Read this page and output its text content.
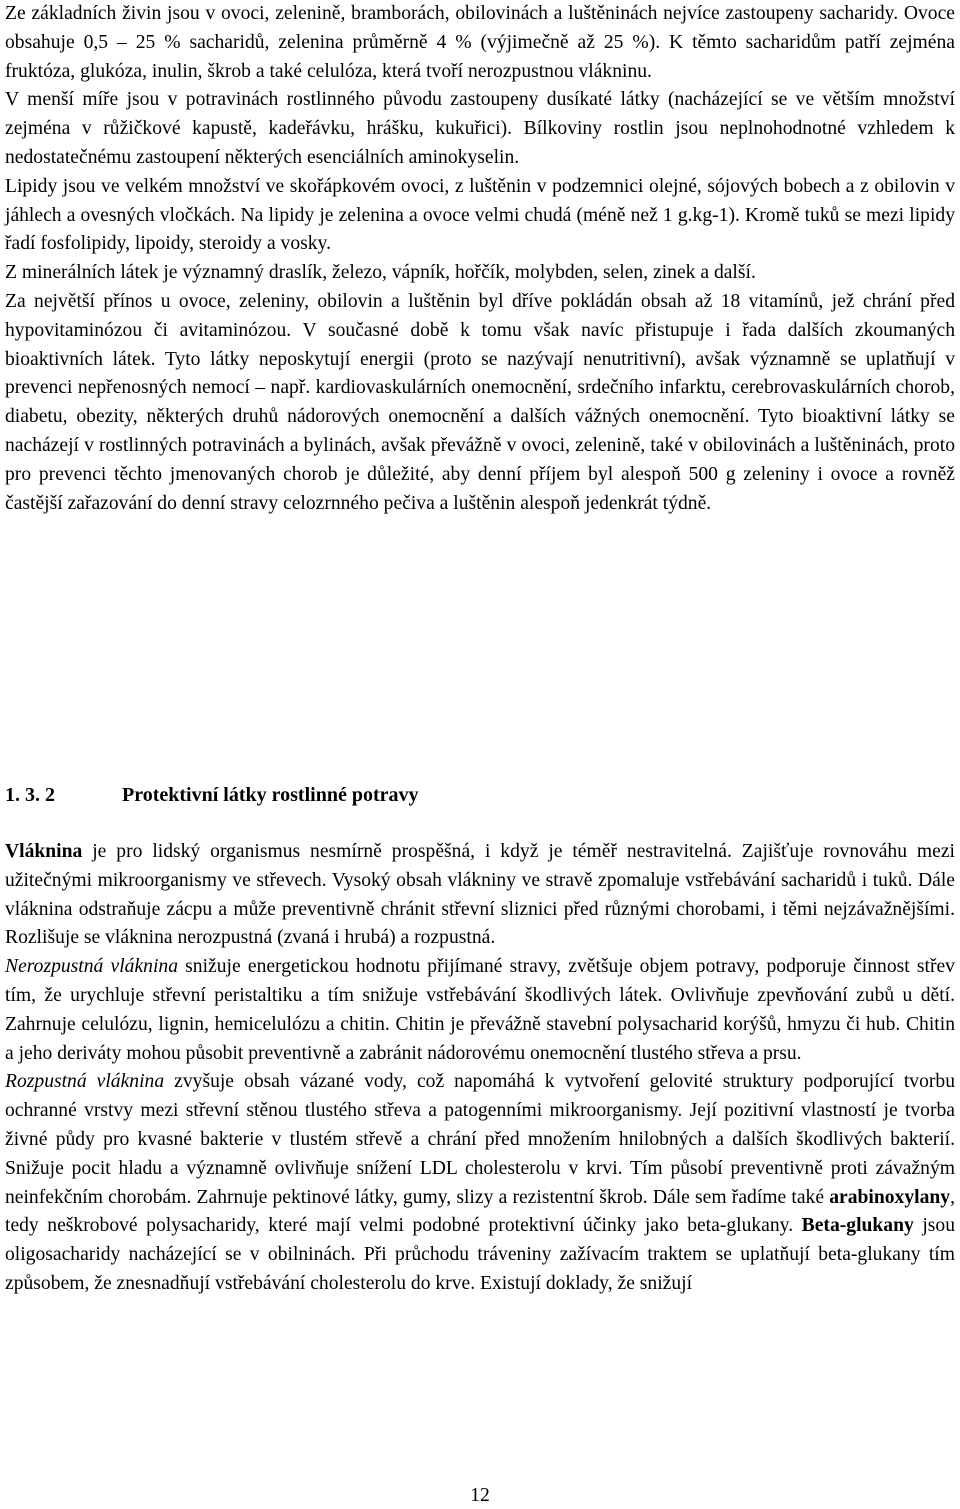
Ze základních živin jsou v ovoci, zelenině, bramborách, obilovinách a luštěninách nejvíce zastoupeny sacharidy. Ovoce obsahuje 0,5 – 25 % sacharidů, zelenina průměrně 4 % (výjimečně až 25 %). K těmto sacharidům patří zejména fruktóza, glukóza, inulin, škrob a také celulóza, která tvoří nerozpustnou vlákninu.

V menší míře jsou v potravinách rostlinného původu zastoupeny dusíkaté látky (nacházející se ve větším množství zejména v růžičkové kapustě, kadeřávku, hrášku, kukuřici). Bílkoviny rostlin jsou neplnohodnotné vzhledem k nedostatečnému zastoupení některých esenciálních aminokyselin.

Lipidy jsou ve velkém množství ve skořápkovém ovoci, z luštěnin v podzemnici olejné, sójových bobech a z obilovin v jáhlech a ovesných vločkách. Na lipidy je zelenina a ovoce velmi chudá (méně než 1 g.kg-1). Kromě tuků se mezi lipidy řadí fosfolipidy, lipoidy, steroidy a vosky.

Z minerálních látek je významný draslík, železo, vápník, hořčík, molybden, selen, zinek a další.

Za největší přínos u ovoce, zeleniny, obilovin a luštěnin byl dříve pokládán obsah až 18 vitamínů, jež chrání před hypovitaminózou či avitaminózou. V současné době k tomu však navíc přistupuje i řada dalších zkoumaných bioaktivních látek. Tyto látky neposkytují energii (proto se nazývají nenutritivní), avšak významně se uplatňují v prevenci nepřenosných nemocí – např. kardiovaskulárních onemocnění, srdečního infarktu, cerebrovaskulárních chorob, diabetu, obezity, některých druhů nádorových onemocnění a dalších vážných onemocnění. Tyto bioaktivní látky se nacházejí v rostlinných potravinách a bylinách, avšak převážně v ovoci, zelenině, také v obilovinách a luštěninách, proto pro prevenci těchto jmenovaných chorob je důležité, aby denní příjem byl alespoň 500 g zeleniny i ovoce a rovněž častější zařazování do denní stravy celozrnného pečiva a luštěnin alespoň jedenkrát týdně.

1. 3. 2	Protektivní látky rostlinné potravy

Vláknina je pro lidský organismus nesmírně prospěšná, i když je téměř nestravitelná. Zajišťuje rovnováhu mezi užitečnými mikroorganismy ve střevech. Vysoký obsah vlákniny ve stravě zpomaluje vstřebávání sacharidů i tuků. Dále vláknina odstraňuje zácpu a může preventivně chránit střevní sliznici před různými chorobami, i těmi nejzávažnějšími. Rozlišuje se vláknina nerozpustná (zvaná i hrubá) a rozpustná.

Nerozpustná vláknina snižuje energetickou hodnotu přijímané stravy, zvětšuje objem potravy, podporuje činnost střev tím, že urychluje střevní peristaltiku a tím snižuje vstřebávání škodlivých látek. Ovlivňuje zpevňování zubů u dětí. Zahrnuje celulózu, lignin, hemicelulózu a chitin. Chitin je převážně stavební polysacharid korýšů, hmyzu či hub. Chitin a jeho deriváty mohou působit preventivně a zabránit nádorovému onemocnění tlustého střeva a prsu.

Rozpustná vláknina zvyšuje obsah vázané vody, což napomáhá k vytvoření gelovité struktury podporující tvorbu ochranné vrstvy mezi střevní stěnou tlustého střeva a patogenními mikroorganismy. Její pozitivní vlastností je tvorba živné půdy pro kvasné bakterie v tlustém střevě a chrání před množením hnilobných a dalších škodlivých bakterií. Snižuje pocit hladu a významně ovlivňuje snížení LDL cholesterolu v krvi. Tím působí preventivně proti závažným neinfekčním chorobám. Zahrnuje pektinové látky, gumy, slizy a rezistentní škrob. Dále sem řadíme také arabinoxylany, tedy neškrobové polysacharidy, které mají velmi podobné protektivní účinky jako beta-glukany. Beta-glukany jsou oligosacharidy nacházející se v obilninách. Při průchodu tráveniny zažívacím traktem se uplatňují beta-glukany tím způsobem, že znesnadňují vstřebávání cholesterolu do krve. Existují doklady, že snižují

12
